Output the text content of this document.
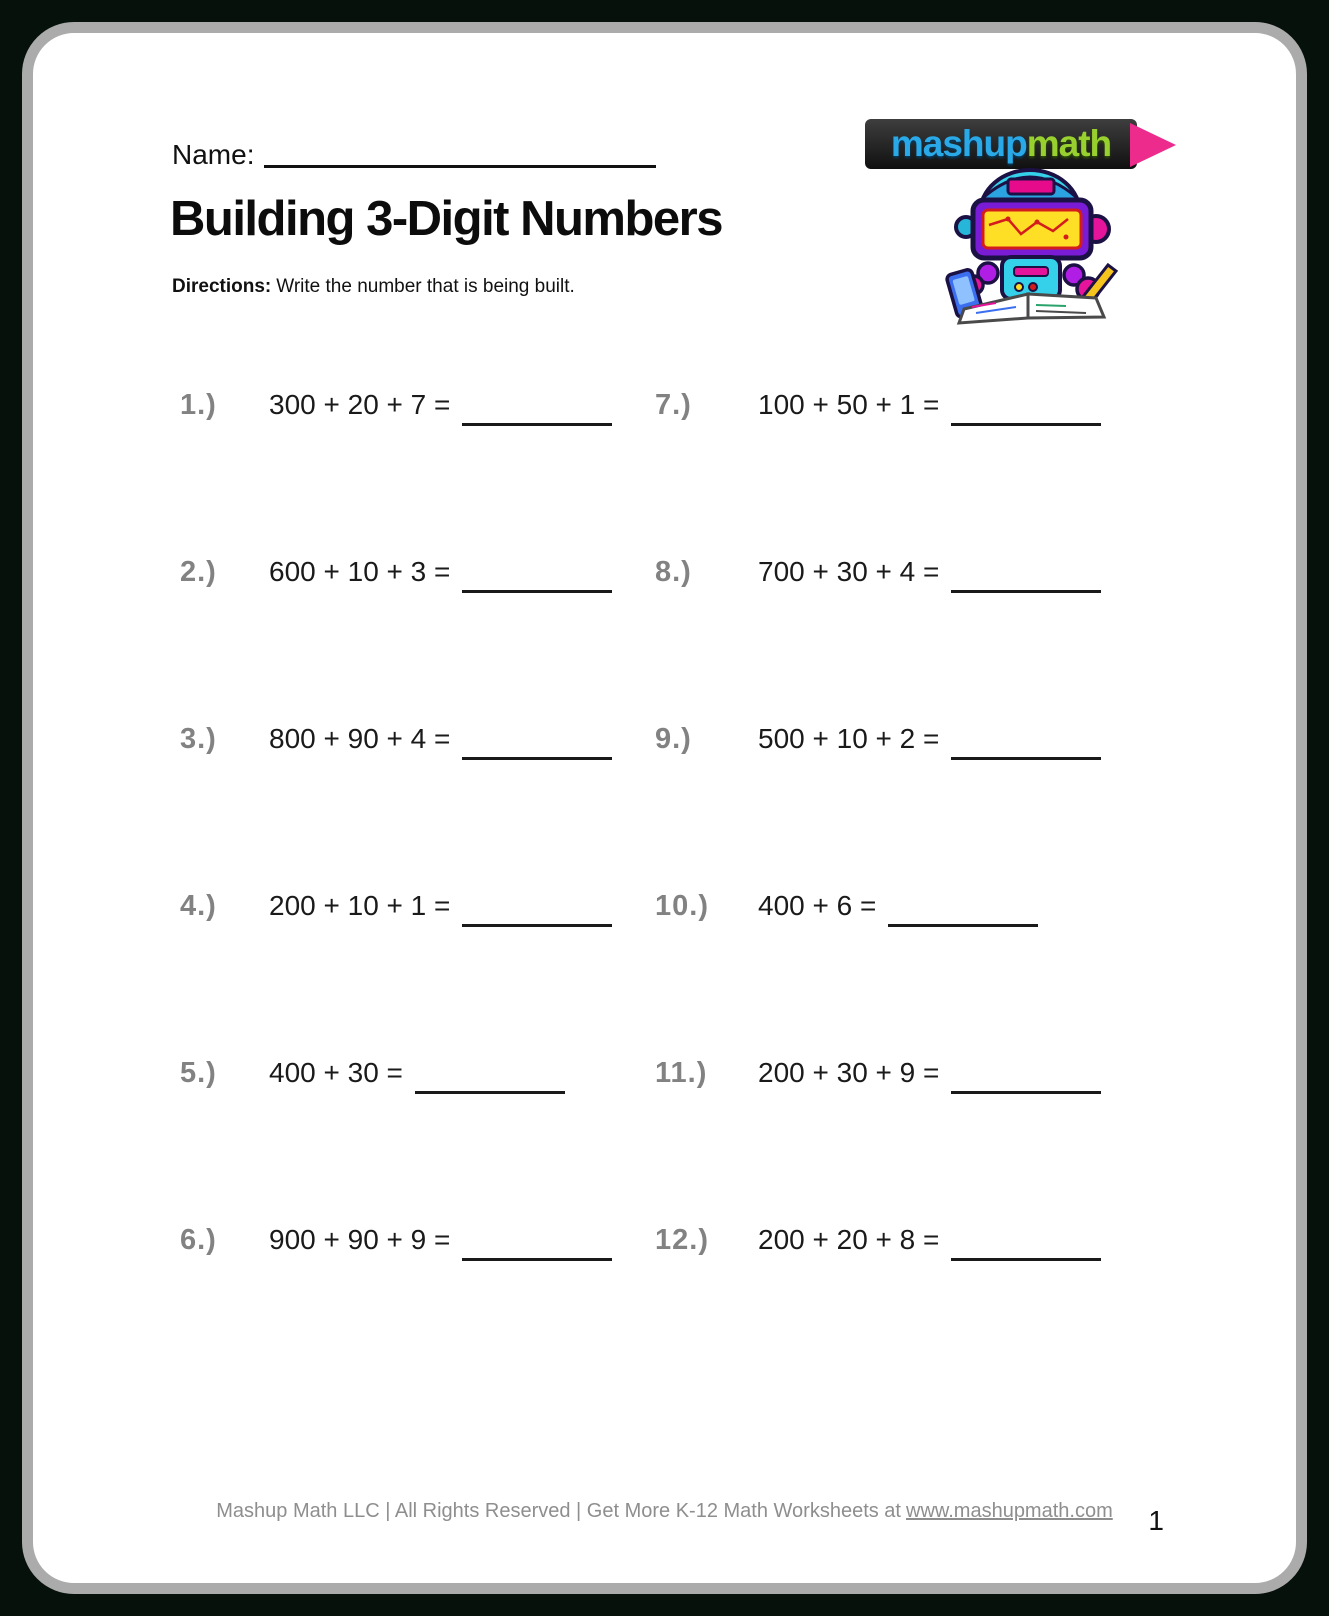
Name:	mashup math
Building 3-Digit Numbers

Directions: Write the number that is being built.

1.)	300 + 20 + 7 =
2.)	600 + 10 + 3 =
3.)	800 + 90 + 4 =
4.)	200 + 10 + 1 =
5.)	400 + 30 =
6.)	900 + 90 + 9 =
7.)	100 + 50 + 1 =
8.)	700 + 30 + 4 =
9.)	500 + 10 + 2 =
10.)	400 + 6 =
11.)	200 + 30 + 9 =
12.)	200 + 20 + 8 =
Mashup Math LLC | All Rights Reserved | Get More K-12 Math Worksheets at www.mashupmath.com	1
